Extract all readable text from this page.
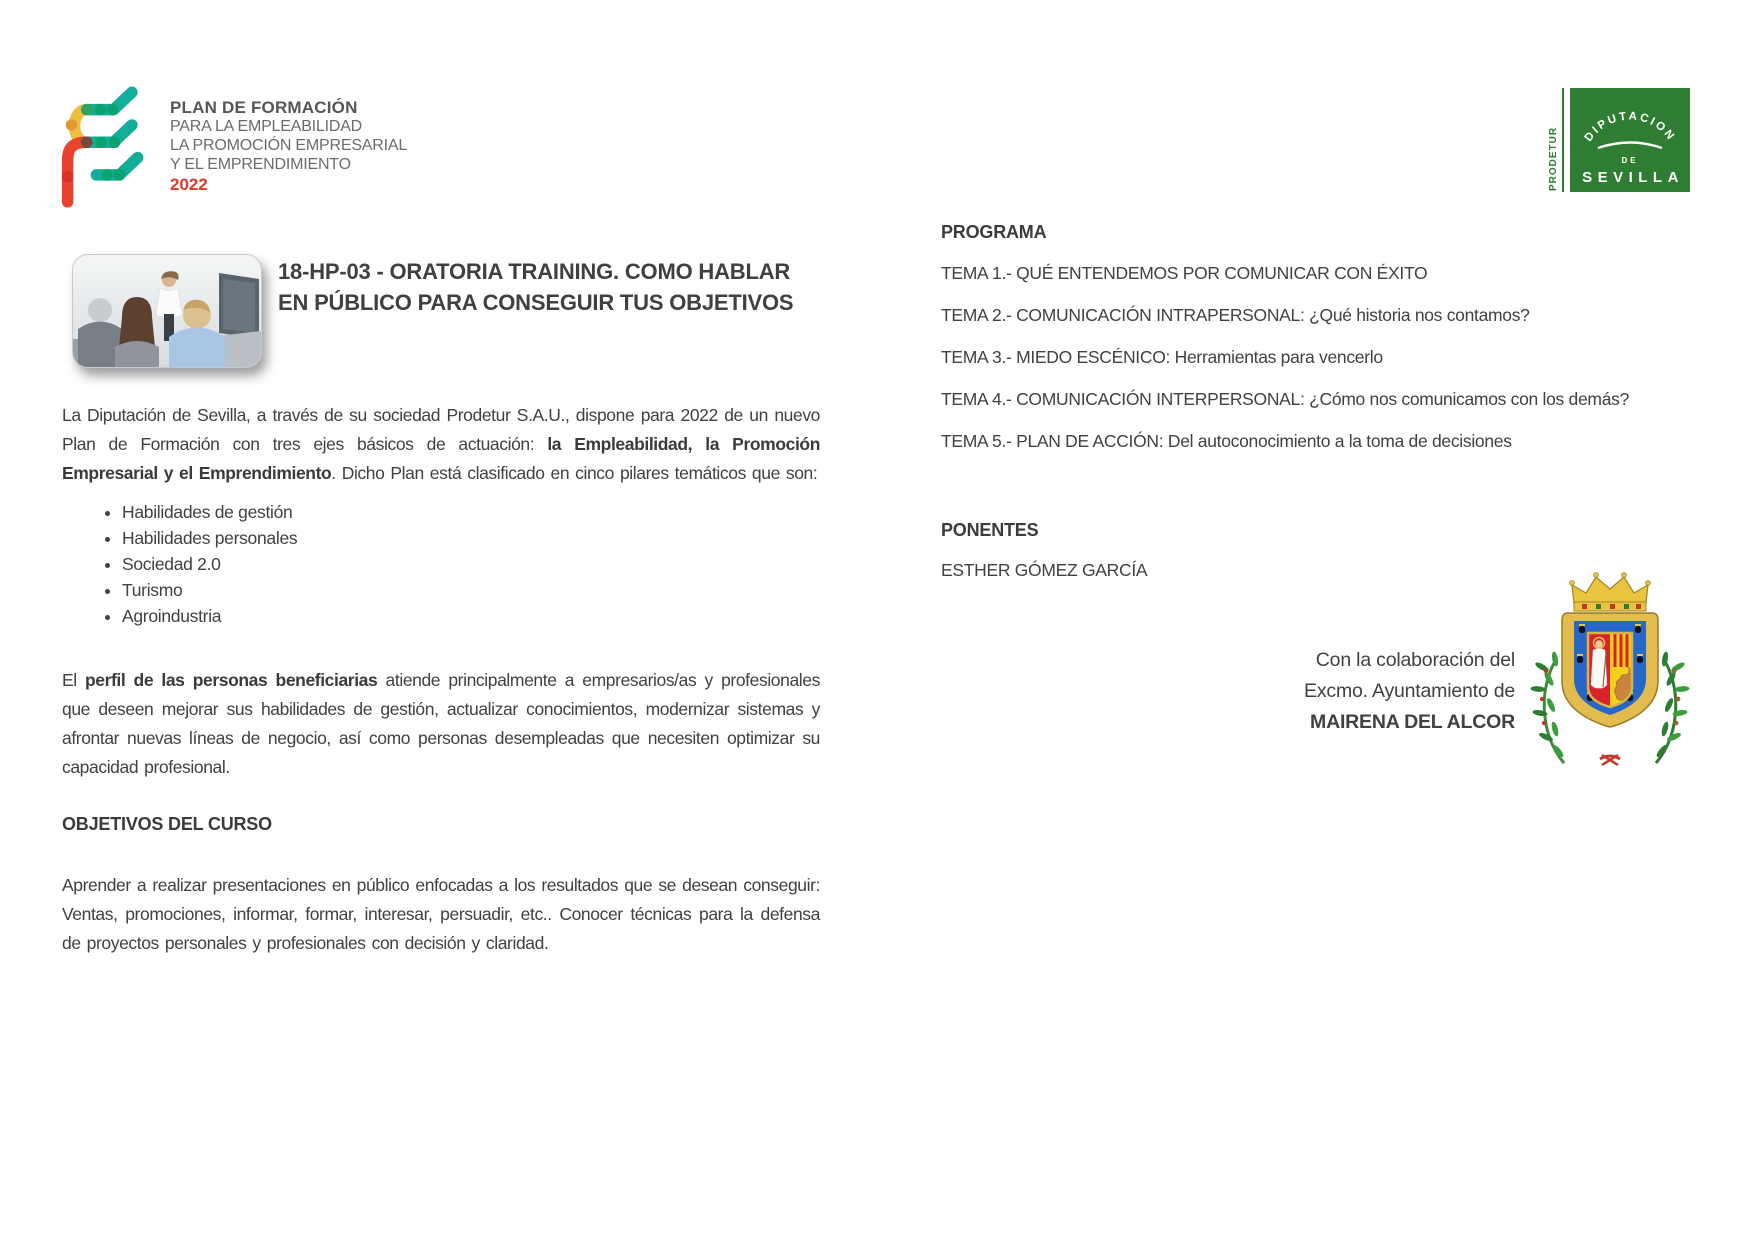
PLAN DE FORMACIÓN
PARA LA EMPLEABILIDAD
LA PROMOCIÓN EMPRESARIAL
Y EL EMPRENDIMIENTO
2022	PRODETUR DIPUTACION
DE
SEVILLA
18-HP-03 - ORATORIA TRAINING. COMO HABLAR
EN PÚBLICO PARA CONSEGUIR TUS OBJETIVOS

La Diputación de Sevilla, a través de su sociedad Prodetur S.A.U., dispone para 2022 de un nuevo Plan de Formación con tres ejes básicos de actuación: la Empleabilidad, la Promoción Empresarial y el Emprendimiento. Dicho Plan está clasificado en cinco pilares temáticos que son:

• Habilidades de gestión
• Habilidades personales
• Sociedad 2.0
• Turismo
• Agroindustria

El perfil de las personas beneficiarias atiende principalmente a empresarios/as y profesionales que deseen mejorar sus habilidades de gestión, actualizar conocimientos, modernizar sistemas y afrontar nuevas líneas de negocio, así como personas desempleadas que necesiten optimizar su capacidad profesional.

OBJETIVOS DEL CURSO

Aprender a realizar presentaciones en público enfocadas a los resultados que se desean conseguir: Ventas, promociones, informar, formar, interesar, persuadir, etc.. Conocer técnicas para la defensa de proyectos personales y profesionales con decisión y claridad.

PROGRAMA
TEMA 1.- QUÉ ENTENDEMOS POR COMUNICAR CON ÉXITO
TEMA 2.- COMUNICACIÓN INTRAPERSONAL: ¿Qué historia nos contamos?
TEMA 3.- MIEDO ESCÉNICO: Herramientas para vencerlo
TEMA 4.- COMUNICACIÓN INTERPERSONAL: ¿Cómo nos comunicamos con los demás?
TEMA 5.- PLAN DE ACCIÓN: Del autoconocimiento a la toma de decisiones
PONENTES
ESTHER GÓMEZ GARCÍA
Con la colaboración del
Excmo. Ayuntamiento de
MAIRENA DEL ALCOR
